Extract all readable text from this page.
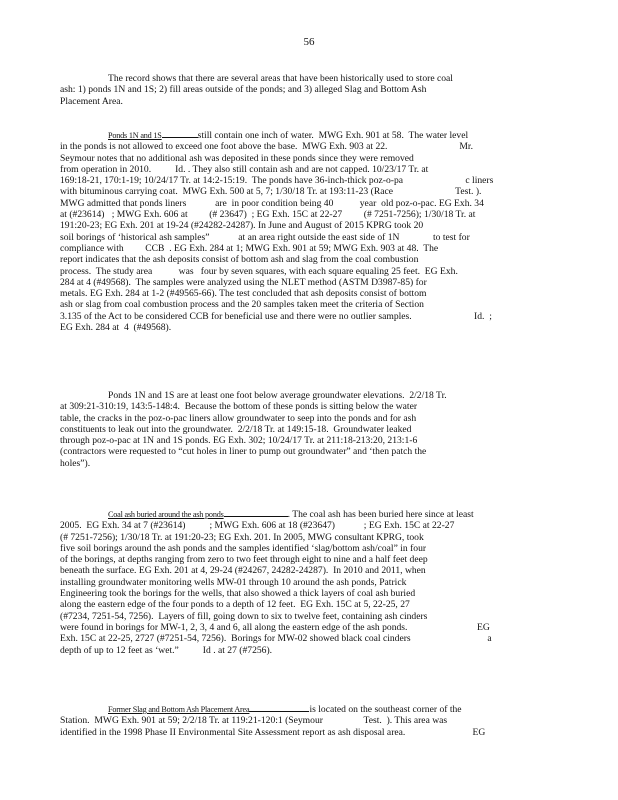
56
The record shows that there are several areas that have been historically used to store coal
ash: 1) ponds 1N and 1S; 2) fill areas outside of the ponds; and 3) alleged Slag and Bottom Ash
Placement Area.
Ponds 1N and 1S	still contain one inch of water.  MWG Exh. 901 at 58.  The water level
in the ponds is not allowed to exceed one foot above the base.  MWG Exh. 903 at 22.                              Mr.
Seymour notes that no additional ash was deposited in these ponds since they were removed
from operation in 2010.          Id. . They also still contain ash and are not capped. 10/23/17 Tr. at
169:18-21, 170:1-19; 10/24/17 Tr. at 14:2-15:19.  The ponds have 36-inch-thick poz-o-pa                          c liners
with bituminous carrying coat.  MWG Exh. 500 at 5, 7; 1/30/18 Tr. at 193:11-23 (Race                          Test. ).
MWG admitted that ponds liners            are  in poor condition being 40           year  old poz-o-pac. EG Exh. 34
at (#23614)   ; MWG Exh. 606 at         (# 23647)  ; EG Exh. 15C at 22-27         (# 7251-7256); 1/30/18 Tr. at
191:20-23; EG Exh. 201 at 19-24 (#24282-24287). In June and August of 2015 KPRG took 20
soil borings of ‘historical ash samples”            at an area right outside the east side of 1N              to test for
compliance with         CCB  . EG Exh. 284 at 1; MWG Exh. 901 at 59; MWG Exh. 903 at 48.  The
report indicates that the ash deposits consist of bottom ash and slag from the coal combustion
process.  The study area           was   four by seven squares, with each square equaling 25 feet.  EG Exh.
284 at 4 (#49568).  The samples were analyzed using the NLET method (ASTM D3987-85) for
metals. EG Exh. 284 at 1-2 (#49565-66). The test concluded that ash deposits consist of bottom
ash or slag from coal combustion process and the 20 samples taken meet the criteria of Section
3.135 of the Act to be considered CCB for beneficial use and there were no outlier samples.                          Id.  ;
EG Exh. 284 at  4  (#49568).
Ponds 1N and 1S are at least one foot below average groundwater elevations.  2/2/18 Tr.
at 309:21-310:19, 143:5-148:4.  Because the bottom of these ponds is sitting below the water
table, the cracks in the poz-o-pac liners allow groundwater to seep into the ponds and for ash
constituents to leak out into the groundwater.  2/2/18 Tr. at 149:15-18.  Groundwater leaked
through poz-o-pac at 1N and 1S ponds. EG Exh. 302; 10/24/17 Tr. at 211:18-213:20, 213:1-6
(contractors were requested to “cut holes in liner to pump out groundwater” and ‘then patch the
holes”).
Coal ash buried around the ash ponds	. The coal ash has been buried here since at least
2005.  EG Exh. 34 at 7 (#23614)          ; MWG Exh. 606 at 18 (#23647)            ; EG Exh. 15C at 22-27
(# 7251-7256); 1/30/18 Tr. at 191:20-23; EG Exh. 201. In 2005, MWG consultant KPRG, took
five soil borings around the ash ponds and the samples identified ‘slag/bottom ash/coal” in four
of the borings, at depths ranging from zero to two feet through eight to nine and a half feet deep
beneath the surface. EG Exh. 201 at 4, 29-24 (#24267, 24282-24287).  In 2010 and 2011, when
installing groundwater monitoring wells MW-01 through 10 around the ash ponds, Patrick
Engineering took the borings for the wells, that also showed a thick layers of coal ash buried
along the eastern edge of the four ponds to a depth of 12 feet.  EG Exh. 15C at 5, 22-25, 27
(#7234, 7251-54, 7256).  Layers of fill, going down to six to twelve feet, containing ash cinders
were found in borings for MW-1, 2, 3, 4 and 6, all along the eastern edge of the ash ponds.                             EG
Exh. 15C at 22-25, 2727 (#7251-54, 7256).  Borings for MW-02 showed black coal cinders                                a
depth of up to 12 feet as ‘wet.”          Id . at 27 (#7256).
Former Slag and Bottom Ash Placement Area	is located on the southeast corner of the
Station.  MWG Exh. 901 at 59; 2/2/18 Tr. at 119:21-120:1 (Seymour                 Test.  ). This area was
identified in the 1998 Phase II Environmental Site Assessment report as ash disposal area.                            EG
